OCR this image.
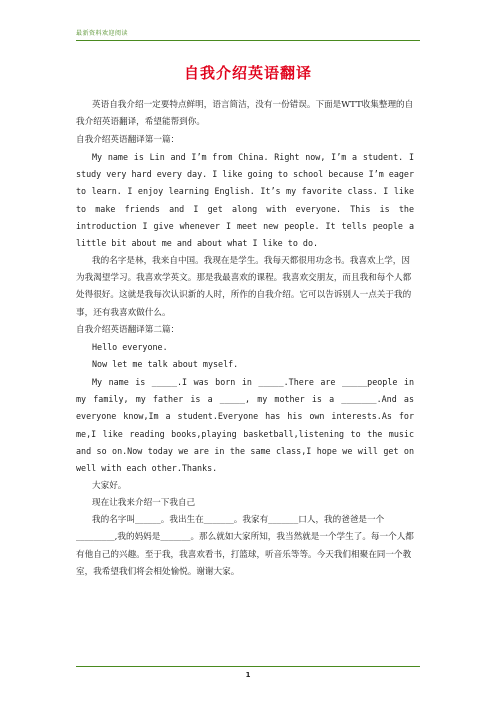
最新资料欢迎阅读
自我介绍英语翻译

英语自我介绍一定要特点鲜明，语言简洁，没有一份错误。下面是WTT收集整理的自我介绍英语翻译，希望能帮到你。

自我介绍英语翻译第一篇：

My name is Lin and I’m from China. Right now, I’m a student. I study very hard every day. I like going to school because I’m eager to learn. I enjoy learning English. It’s my favorite class. I like to make friends and I get along with everyone. This is the introduction I give whenever I meet new people. It tells people a little bit about me and about what I like to do.

我的名字是林，我来自中国。我现在是学生。我每天都很用功念书。我喜欢上学，因为我渴望学习。我喜欢学英文。那是我最喜欢的课程。我喜欢交朋友，而且我和每个人都处得很好。这就是我每次认识新的人时，所作的自我介绍。它可以告诉别人一点关于我的事，还有我喜欢做什么。

自我介绍英语翻译第二篇：

Hello everyone.

Now let me talk about myself.

My name is _____.I was born in _____.There are _____people in my family, my father is a _____, my mother is a _______.And as everyone know,Im a student.Everyone has his own interests.As for me,I like reading books,playing basketball,listening to the music and so on.Now today we are in the same class,I hope we will get on well with each other.Thanks.

大家好。

现在让我来介绍一下我自己

我的名字叫______。我出生在_______。我家有_______口人，我的爸爸是一个_________,我的妈妈是_______。那么就如大家所知，我当然就是一个学生了。每一个人都有他自己的兴趣。至于我，我喜欢看书，打篮球，听音乐等等。今天我们相聚在同一个教室，我希望我们将会相处愉悦。谢谢大家。

1
